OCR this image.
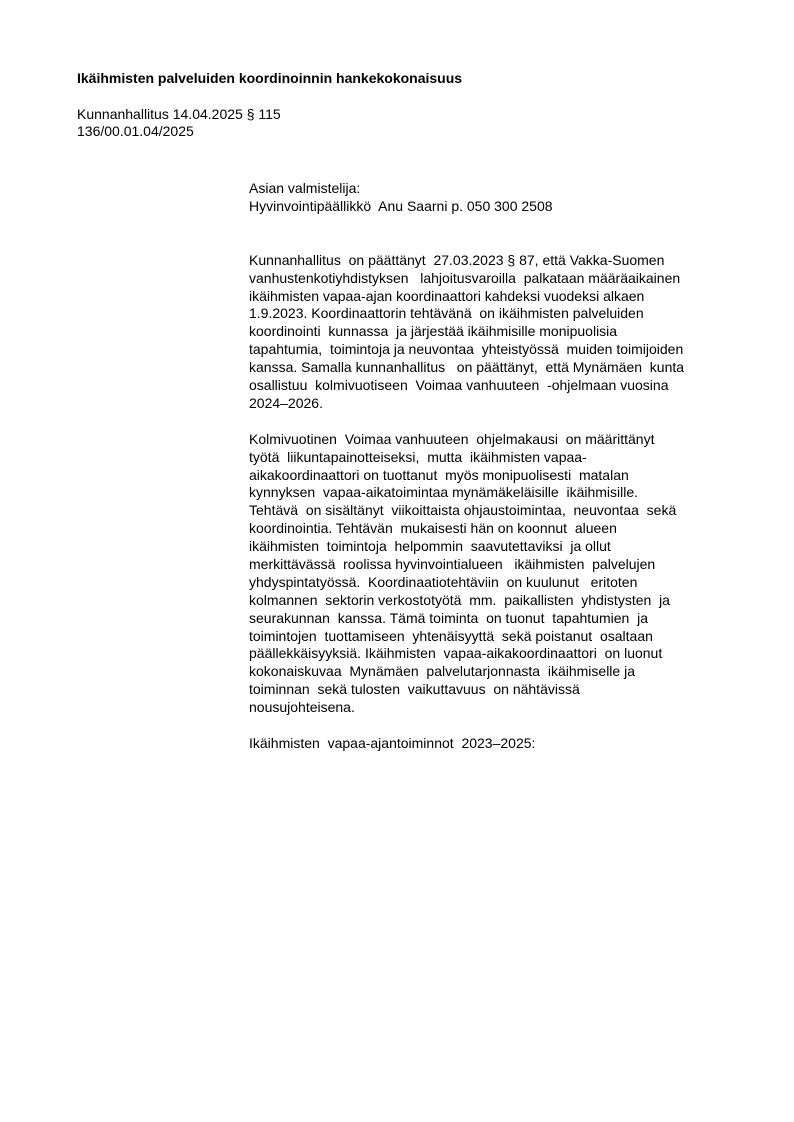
Ikäihmisten palveluiden koordinoinnin hankekokonaisuus
Kunnanhallitus 14.04.2025 § 115
136/00.01.04/2025
Asian valmistelija:
Hyvinvointipäällikkö  Anu Saarni p. 050 300 2508
Kunnanhallitus  on päättänyt  27.03.2023 § 87, että Vakka-Suomen
vanhustenkotiyhdistyksen   lahjoitusvaroilla  palkataan määräaikainen
ikäihmisten vapaa-ajan koordinaattori kahdeksi vuodeksi alkaen
1.9.2023. Koordinaattorin tehtävänä  on ikäihmisten palveluiden
koordinointi  kunnassa  ja järjestää ikäihmisille monipuolisia
tapahtumia,  toimintoja ja neuvontaa  yhteistyössä  muiden toimijoiden
kanssa. Samalla kunnanhallitus   on päättänyt,  että Mynämäen  kunta
osallistuu  kolmivuotiseen  Voimaa vanhuuteen  -ohjelmaan vuosina
2024–2026.
Kolmivuotinen  Voimaa vanhuuteen  ohjelmakausi  on määrittänyt
työtä  liikuntapainotteiseksi,  mutta  ikäihmisten vapaa-
aikakoordinaattori on tuottanut  myös monipuolisesti  matalan
kynnyksen  vapaa-aikatoimintaa mynämäkeläisille  ikäihmisille.
Tehtävä  on sisältänyt  viikoittaista ohjaustoimintaa,  neuvontaa  sekä
koordinointia. Tehtävän  mukaisesti hän on koonnut  alueen
ikäihmisten  toimintoja  helpommin  saavutettaviksi  ja ollut
merkittävässä  roolissa hyvinvointialueen   ikäihmisten  palvelujen
yhdyspintatyössä.  Koordinaatiotehtäviin  on kuulunut   eritoten
kolmannen  sektorin verkostotyötä  mm.  paikallisten  yhdistysten  ja
seurakunnan  kanssa. Tämä toiminta  on tuonut  tapahtumien  ja
toimintojen  tuottamiseen  yhtenäisyyttä  sekä poistanut  osaltaan
päällekkäisyyksiä. Ikäihmisten  vapaa-aikakoordinaattori  on luonut
kokonaiskuvaa  Mynämäen  palvelutarjonnasta  ikäihmiselle ja
toiminnan  sekä tulosten  vaikuttavuus  on nähtävissä
nousujohteisena.
Ikäihmisten  vapaa-ajantoiminnot  2023–2025:
